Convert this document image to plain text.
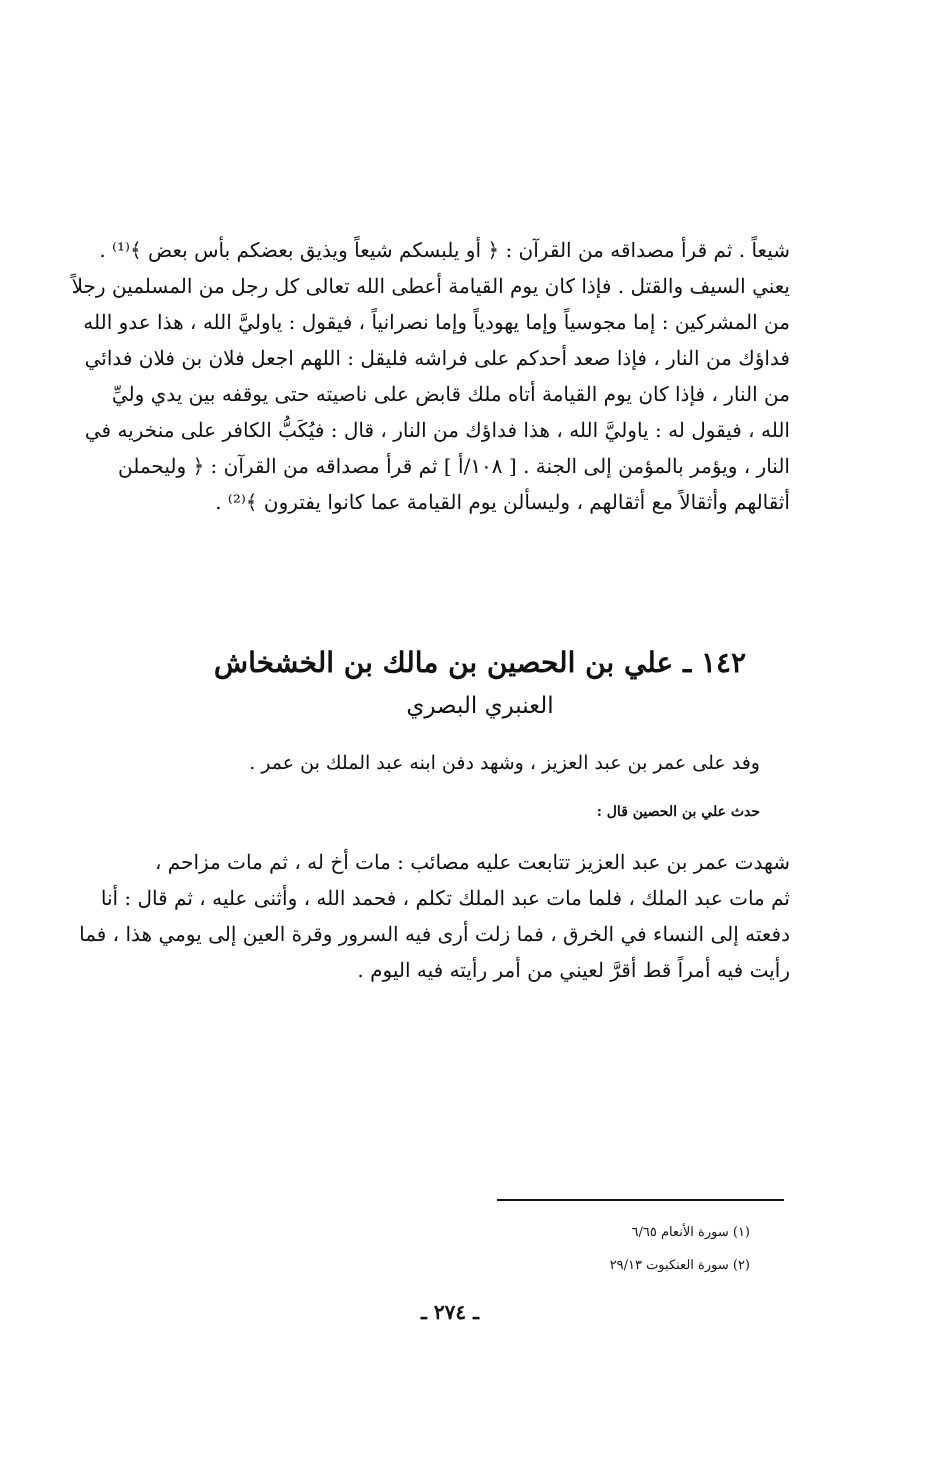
شيعاً . ثم قرأ مصداقه من القرآن : ﴿ أو يلبسكم شيعاً ويذيق بعضكم بأس بعض ﴾⁽¹⁾ .
يعني السيف والقتل . فإذا كان يوم القيامة أعطى الله تعالى كل رجل من المسلمين رجلاً
من المشركين : إما مجوسياً وإما يهودياً وإما نصرانياً ، فيقول : ياوليَّ الله ، هذا عدو الله
فداؤك من النار ، فإذا صعد أحدكم على فراشه فليقل : اللهم اجعل فلان بن فلان فدائي
من النار ، فإذا كان يوم القيامة أتاه ملك قابض على ناصيته حتى يوقفه بين يدي وليِّ
الله ، فيقول له : ياوليَّ الله ، هذا فداؤك من النار ، قال : فيُكَبُّ الكافر على منخريه في
النار ، ويؤمر بالمؤمن إلى الجنة . [ ١٠٨/أ ] ثم قرأ مصداقه من القرآن : ﴿ وليحملن
أثقالهم وأثقالاً مع أثقالهم ، وليسألن يوم القيامة عما كانوا يفترون ﴾⁽²⁾ .
١٤٢ ـ علي بن الحصين بن مالك بن الخشخاش
العنبري البصري
وفد على عمر بن عبد العزيز ، وشهد دفن ابنه عبد الملك بن عمر .
حدث علي بن الحصين قال :
شهدت عمر بن عبد العزيز تتابعت عليه مصائب : مات أخ له ، ثم مات مزاحم ،
ثم مات عبد الملك ، فلما مات عبد الملك تكلم ، فحمد الله ، وأثنى عليه ، ثم قال : أنا
دفعته إلى النساء في الخرق ، فما زلت أرى فيه السرور وقرة العين إلى يومي هذا ، فما
رأيت فيه أمراً قط أقرَّ لعيني من أمر رأيته فيه اليوم .
(١) سورة الأنعام ٦/٦٥
(٢) سورة العنكبوت ٢٩/١٣
ـ ٢٧٤ ـ
